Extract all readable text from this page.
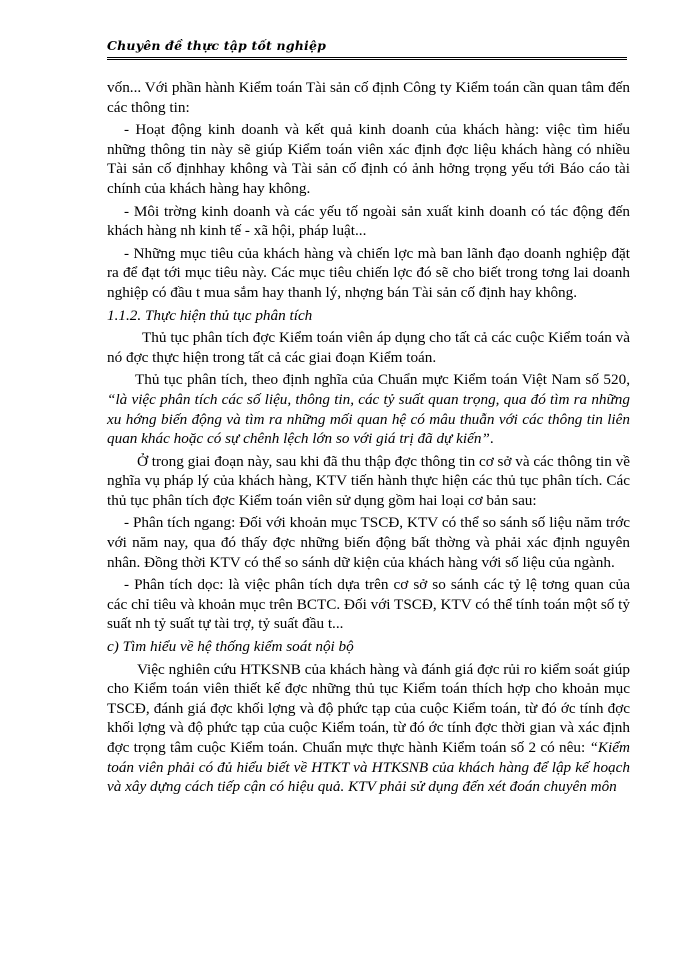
Chuyên đề thực tập tốt nghiệp

vốn... Với phần hành Kiểm toán Tài sản cố định Công ty Kiểm toán cần quan tâm đến các thông tin:

- Hoạt động kinh doanh và kết quả kinh doanh của khách hàng: việc tìm hiểu những thông tin này sẽ giúp Kiểm toán viên xác định đợc liệu khách hàng có nhiều Tài sản cố địnhhay không và Tài sản cố định có ảnh hởng trọng yếu tới Báo cáo tài chính của khách hàng hay không.

- Môi trờng kinh doanh và các yếu tố ngoài sản xuất kinh doanh có tác động đến khách hàng nh kinh tế - xã hội, pháp luật...

- Những mục tiêu của khách hàng và chiến lợc mà ban lãnh đạo doanh nghiệp đặt ra để đạt tới mục tiêu này. Các mục tiêu chiến lợc đó sẽ cho biết trong tơng lai doanh nghiệp có đầu t mua sắm hay thanh lý, nhợng bán Tài sản cố định hay không.

1.1.2. Thực hiện thủ tục phân tích

Thủ tục phân tích đợc Kiểm toán viên áp dụng cho tất cả các cuộc Kiểm toán và nó đợc thực hiện trong tất cả các giai đoạn Kiểm toán.

Thủ tục phân tích, theo định nghĩa của Chuẩn mực Kiểm toán Việt Nam số 520, “là việc phân tích các số liệu, thông tin, các tỷ suất quan trọng, qua đó tìm ra những xu hớng biến động và tìm ra những mối quan hệ có mâu thuẫn với các thông tin liên quan khác hoặc có sự chênh lệch lớn so với giá trị đã dự kiến”.

Ở trong giai đoạn này, sau khi đã thu thập đợc thông tin cơ sở và các thông tin về nghĩa vụ pháp lý của khách hàng, KTV tiến hành thực hiện các thủ tục phân tích. Các thủ tục phân tích đợc Kiểm toán viên sử dụng gồm hai loại cơ bản sau:

- Phân tích ngang: Đối với khoản mục TSCĐ, KTV có thể so sánh số liệu năm trớc với năm nay, qua đó thấy đợc những biến động bất thờng và phải xác định nguyên nhân. Đồng thời KTV có thể so sánh dữ kiện của khách hàng với số liệu của ngành.

- Phân tích dọc: là việc phân tích dựa trên cơ sở so sánh các tỷ lệ tơng quan của các chỉ tiêu và khoản mục trên BCTC. Đối với TSCĐ, KTV có thể tính toán một số tỷ suất nh tỷ suất tự tài trợ, tỷ suất đầu t...

c) Tìm hiểu về hệ thống kiểm soát nội bộ

Việc nghiên cứu HTKSNB của khách hàng và đánh giá đợc rủi ro kiểm soát giúp cho Kiểm toán viên thiết kế đợc những thủ tục Kiểm toán thích hợp cho khoản mục TSCĐ, đánh giá đợc khối lợng và độ phức tạp của cuộc Kiểm toán, từ đó ớc tính đợc khối lợng và độ phức tạp của cuộc Kiểm toán, từ đó ớc tính đợc thời gian và xác định đợc trọng tâm cuộc Kiểm toán. Chuẩn mực thực hành Kiểm toán số 2 có nêu: “Kiểm toán viên phải có đủ hiểu biết về HTKT và HTKSNB của khách hàng để lập kế hoạch và xây dựng cách tiếp cận có hiệu quả. KTV phải sử dụng đến xét đoán chuyên môn
